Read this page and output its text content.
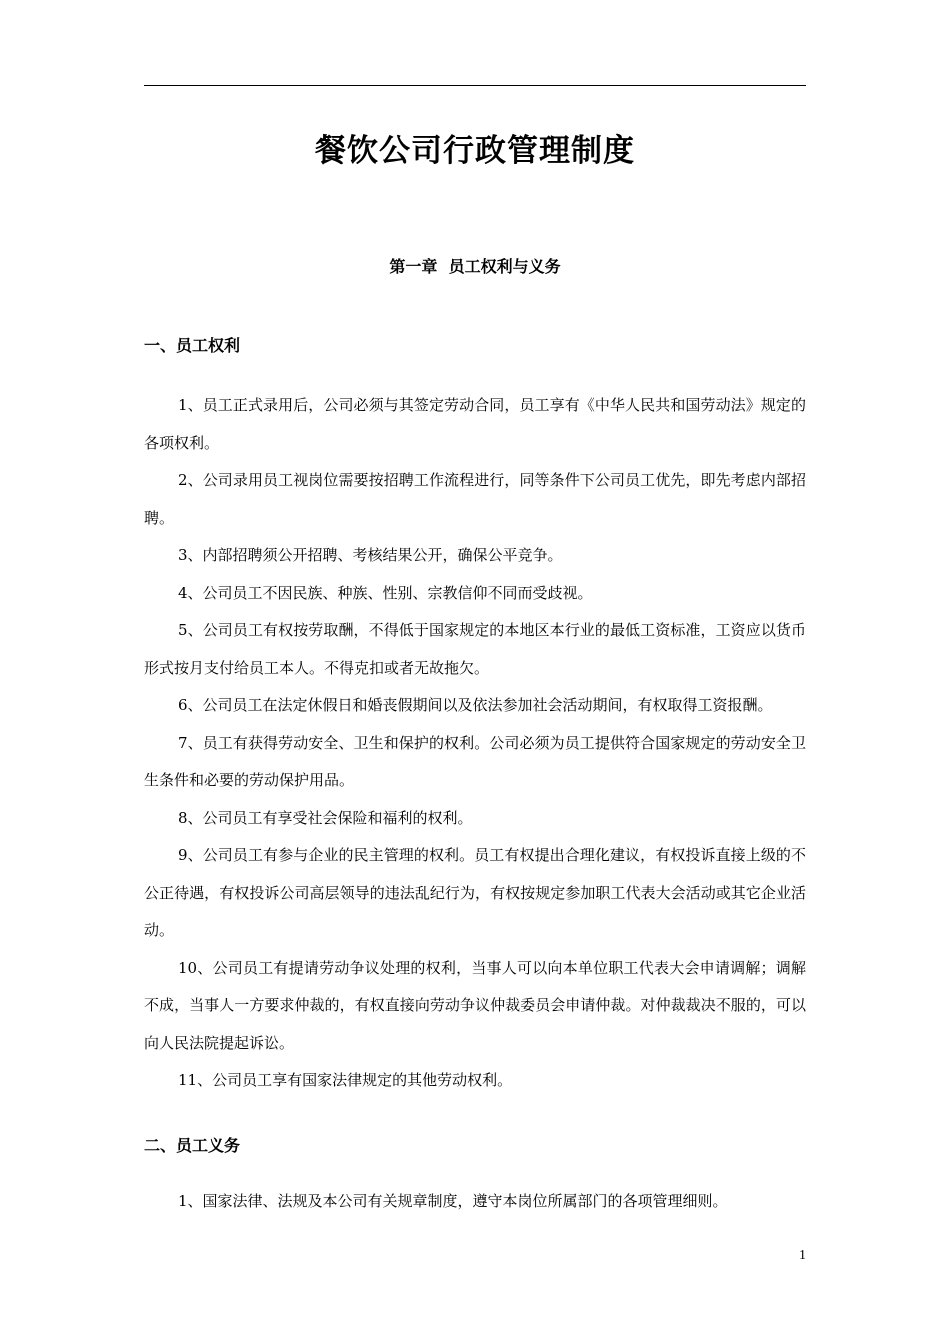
餐饮公司行政管理制度
第一章  员工权利与义务
一、员工权利

1、员工正式录用后，公司必须与其签定劳动合同，员工享有《中华人民共和国劳动法》规定的各项权利。

2、公司录用员工视岗位需要按招聘工作流程进行，同等条件下公司员工优先，即先考虑内部招聘。

3、内部招聘须公开招聘、考核结果公开，确保公平竞争。

4、公司员工不因民族、种族、性别、宗教信仰不同而受歧视。

5、公司员工有权按劳取酬，不得低于国家规定的本地区本行业的最低工资标准，工资应以货币形式按月支付给员工本人。不得克扣或者无故拖欠。

6、公司员工在法定休假日和婚丧假期间以及依法参加社会活动期间，有权取得工资报酬。

7、员工有获得劳动安全、卫生和保护的权利。公司必须为员工提供符合国家规定的劳动安全卫生条件和必要的劳动保护用品。

8、公司员工有享受社会保险和福利的权利。

9、公司员工有参与企业的民主管理的权利。员工有权提出合理化建议，有权投诉直接上级的不公正待遇，有权投诉公司高层领导的违法乱纪行为，有权按规定参加职工代表大会活动或其它企业活动。

10、公司员工有提请劳动争议处理的权利，当事人可以向本单位职工代表大会申请调解；调解不成，当事人一方要求仲裁的，有权直接向劳动争议仲裁委员会申请仲裁。对仲裁裁决不服的，可以向人民法院提起诉讼。

11、公司员工享有国家法律规定的其他劳动权利。

二、员工义务

1、国家法律、法规及本公司有关规章制度，遵守本岗位所属部门的各项管理细则。

1
